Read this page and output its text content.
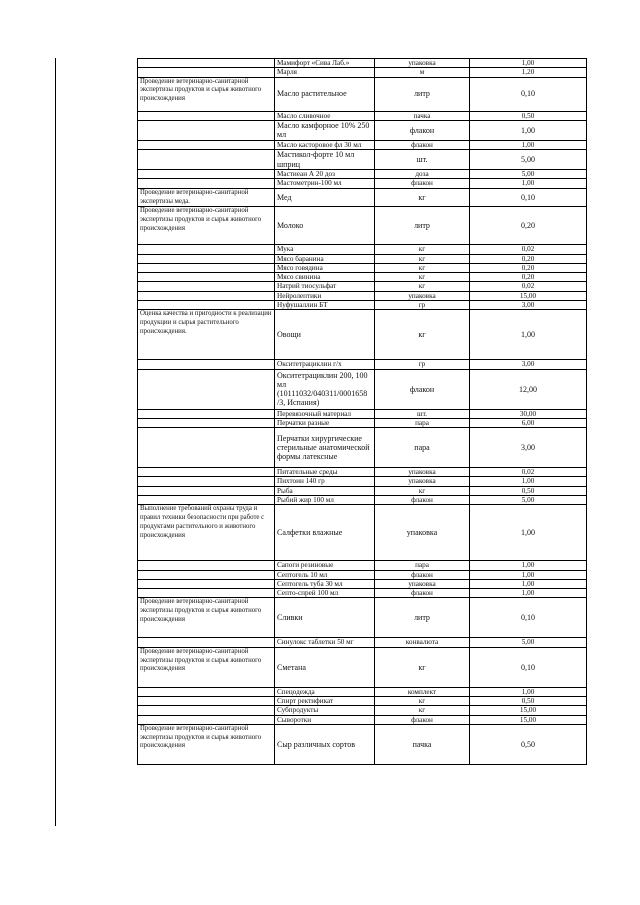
	Мамифорт «Сива Лаб.»	упаковка	1,00
	Марля	м	1,20
Проведение ветеринарно-санитарной экспертизы продуктов и сырья животного происхождения	Масло растительное	литр	0,10
	Масло сливочное	пачка	0,50
	Масло камфорное 10% 250 мл	флакон	1,00
	Масло касторовое фл 30 мл	флакон	1,00
	Мастикол-форте 10 мл шприц	шт.	5,00
	Мастиеан А 20 доз	доза	5,00
	Мастометрин-100 мл	флакон	1,00
Проведение ветеринарно-санитарной экспертизы меда.	Мед	кг	0,10
Проведение ветеринарно-санитарной экспертизы продуктов и сырья животного происхождения	Молоко	литр	0,20
	Мука	кг	0,02
	Мясо баранина	кг	0,20
	Мясо говядина	кг	0,20
	Мясо свинина	кг	0,20
	Натрий тиосульфат	кг	0,02
	Нейролептики	упаковка	15,00
	Нуфушаллин БТ	гр	3,00
Оценка качества и пригодности к реализации продукции и сырья растительного происхождения.	Овощи	кг	1,00
	Окситетрациклин г/х	гр	3,00
	Окситетрациклин 200, 100 мл (10111032/040311/0001658 /3, Испания)	флакон	12,00
	Перевязочный материал	шт.	30,00
	Перчатки разные	пара	6,00
	Перчатки хирургические стерильные анатомической формы латексные	пара	3,00
	Питательные среды	упаковка	0,02
	Пихтоин 140 гр	упаковка	1,00
	Рыба	кг	0,50
	Рыбий жир 100 мл	флакон	5,00
Выполнение требований охраны труда и правил техники безопасности при работе с продуктами растительного и животного происхождения	Салфетки влажные	упаковка	1,00
	Сапоги резиновые	пара	1,00
	Септогель 10 мл	флакон	1,00
	Септогель туба 30 мл	упаковка	1,00
	Септо-спрей 100 мл	флакон	1,00
Проведение ветеринарно-санитарной экспертизы продуктов и сырья животного происхождения	Сливки	литр	0,10
	Синулокс таблетки 50 мг	конвалюта	5,00
Проведение ветеринарно-санитарной экспертизы продуктов и сырья животного происхождения	Сметана	кг	0,10
	Спецодежда	комплект	1,00
	Спирт ректификат	кг	0,50
	Субпродукты	кг	15,00
	Сыворотки	флакон	15,00
Проведение ветеринарно-санитарной экспертизы продуктов и сырья животного происхождения	Сыр различных сортов	пачка	0,50
